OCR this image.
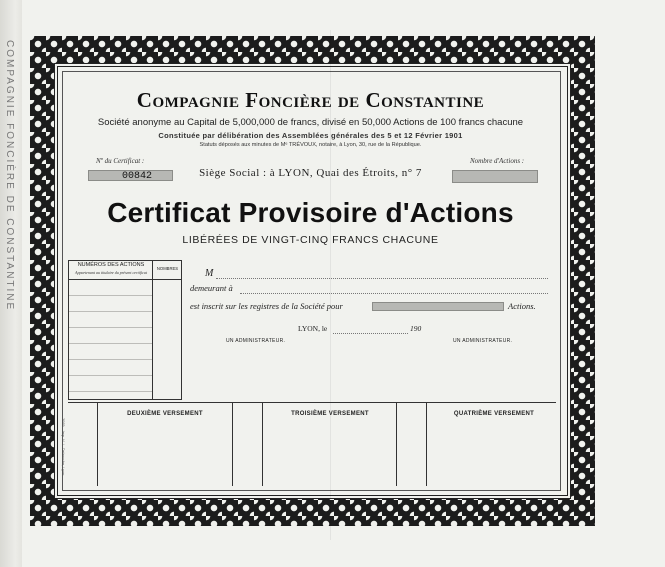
COMPAGNIE FONCIÈRE DE CONSTANTINE	Compagnie Foncière de Constantine
Société anonyme au Capital de 5,000,000 de francs, divisé en 50,000 Actions de 100 francs chacune
Constituée par délibération des Assemblées générales des 5 et 12 Février 1901
Statuts déposés aux minutes de Mᵉ TRÉVOUX, notaire, à Lyon, 30, rue de la République.
Nº du Certificat :	Nombre d'Actions :
00842	Siège Social : à LYON, Quai des Étroits, n° 7
Certificat Provisoire d'Actions
LIBÉRÉES DE VINGT-CINQ FRANCS CHACUNE
NUMÉROS DES ACTIONS
Appartenant au titulaire du présent certificat
NOMBRES	M
demeurant à
est inscrit sur les registres de la Société pour	Actions.
LYON, le	190
UN ADMINISTRATEUR.	UN ADMINISTRATEUR.
DEUXIÈME VERSEMENT	TROISIÈME VERSEMENT	QUATRIÈME VERSEMENT
2069 – Imp. V.-L. Delaroche, Lyon
